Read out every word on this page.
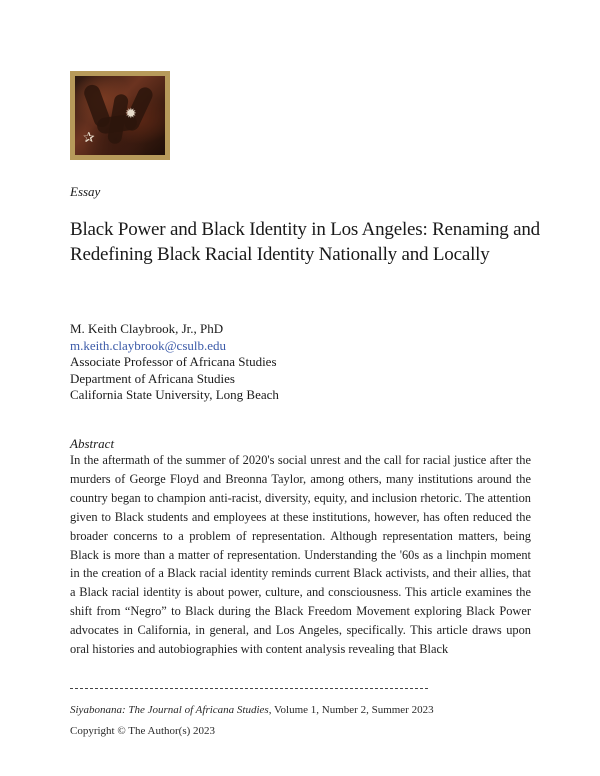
✰
✹
Essay
Black Power and Black Identity in Los Angeles: Renaming and Redefining Black Racial Identity Nationally and Locally
M. Keith Claybrook, Jr., PhD
m.keith.claybrook@csulb.edu
Associate Professor of Africana Studies
Department of Africana Studies
California State University, Long Beach
Abstract

In the aftermath of the summer of 2020's social unrest and the call for racial justice after the murders of George Floyd and Breonna Taylor, among others, many institutions around the country began to champion anti-racist, diversity, equity, and inclusion rhetoric. The attention given to Black students and employees at these institutions, however, has often reduced the broader concerns to a problem of representation. Although representation matters, being Black is more than a matter of representation. Understanding the '60s as a linchpin moment in the creation of a Black racial identity reminds current Black activists, and their allies, that a Black racial identity is about power, culture, and consciousness. This article examines the shift from “Negro” to Black during the Black Freedom Movement exploring Black Power advocates in California, in general, and Los Angeles, specifically. This article draws upon oral histories and autobiographies with content analysis revealing that Black

Siyabonana: The Journal of Africana Studies, Volume 1, Number 2, Summer 2023
Copyright © The Author(s) 2023
